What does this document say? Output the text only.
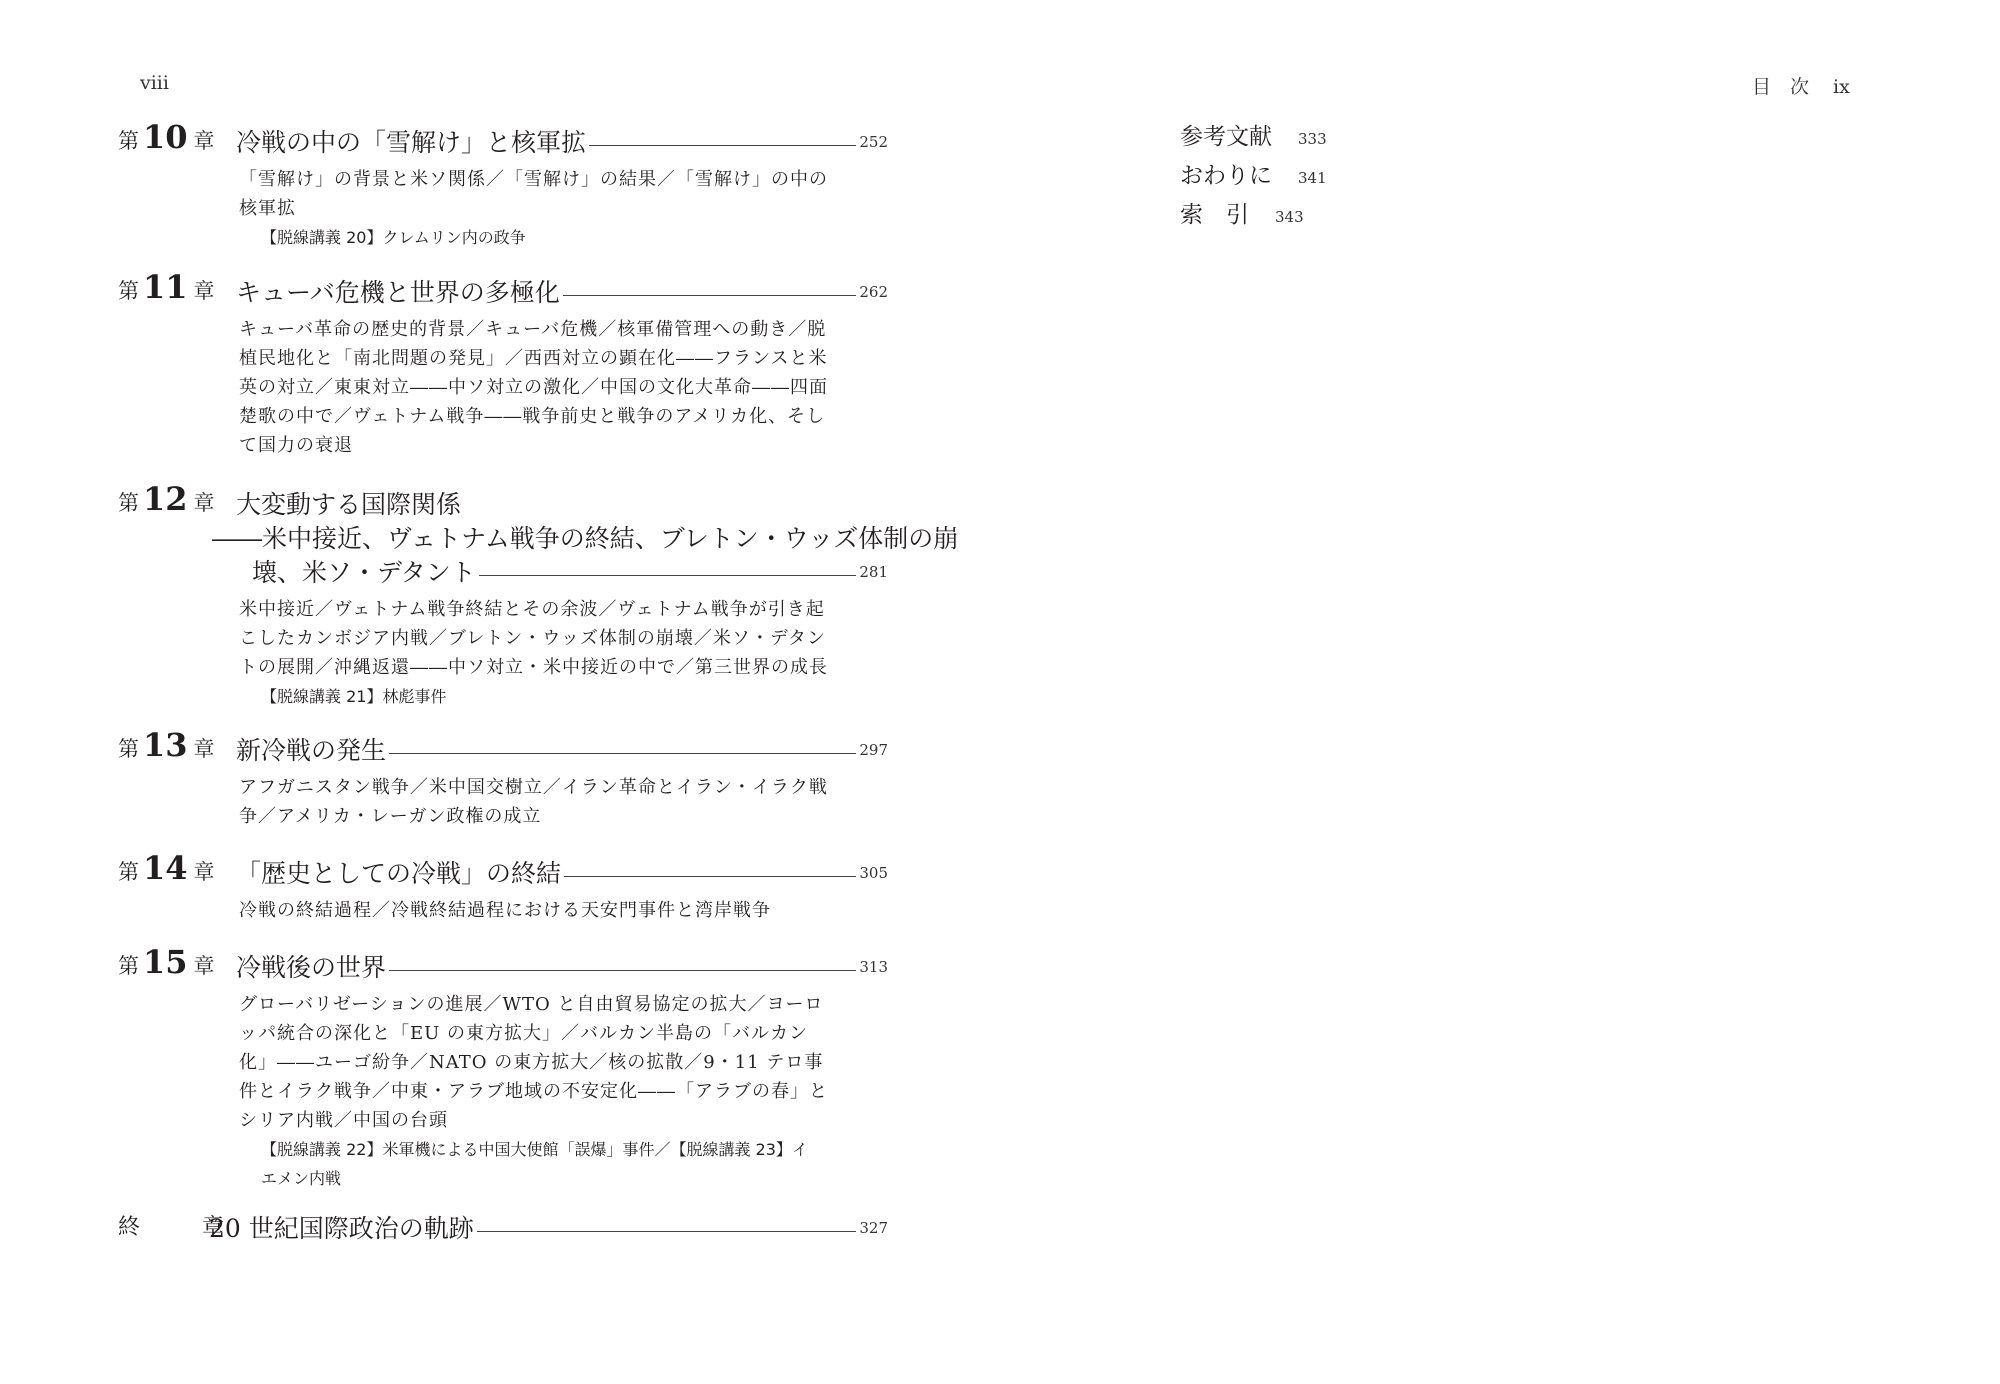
viii	目　次 ix
第 10 章 冷戦の中の「雪解け」と核軍拡	252
「雪解け」の背景と米ソ関係／「雪解け」の結果／「雪解け」の中の
核軍拡
【脱線講義 20】クレムリン内の政争
第 11 章 キューバ危機と世界の多極化	262
キューバ革命の歴史的背景／キューバ危機／核軍備管理への動き／脱
植民地化と「南北問題の発見」／西西対立の顕在化――フランスと米
英の対立／東東対立――中ソ対立の激化／中国の文化大革命――四面
楚歌の中で／ヴェトナム戦争――戦争前史と戦争のアメリカ化、そし
て国力の衰退
第 12 章 大変動する国際関係
――米中接近、ヴェトナム戦争の終結、ブレトン・ウッズ体制の崩
壊、米ソ・デタント	281
米中接近／ヴェトナム戦争終結とその余波／ヴェトナム戦争が引き起
こしたカンボジア内戦／ブレトン・ウッズ体制の崩壊／米ソ・デタン
トの展開／沖縄返還――中ソ対立・米中接近の中で／第三世界の成長
【脱線講義 21】林彪事件
第 13 章 新冷戦の発生	297
アフガニスタン戦争／米中国交樹立／イラン革命とイラン・イラク戦
争／アメリカ・レーガン政権の成立
第 14 章 「歴史としての冷戦」の終結	305
冷戦の終結過程／冷戦終結過程における天安門事件と湾岸戦争
第 15 章 冷戦後の世界	313
グローバリゼーションの進展／WTO と自由貿易協定の拡大／ヨーロ
ッパ統合の深化と「EU の東方拡大」／バルカン半島の「バルカン
化」――ユーゴ紛争／NATO の東方拡大／核の拡散／9・11 テロ事
件とイラク戦争／中東・アラブ地域の不安定化――「アラブの春」と
シリア内戦／中国の台頭
【脱線講義 22】米軍機による中国大使館「誤爆」事件／【脱線講義 23】イ
エメン内戦
終　章
20 世紀国際政治の軌跡	327
参考文献 333
おわりに 341
索　引 343
